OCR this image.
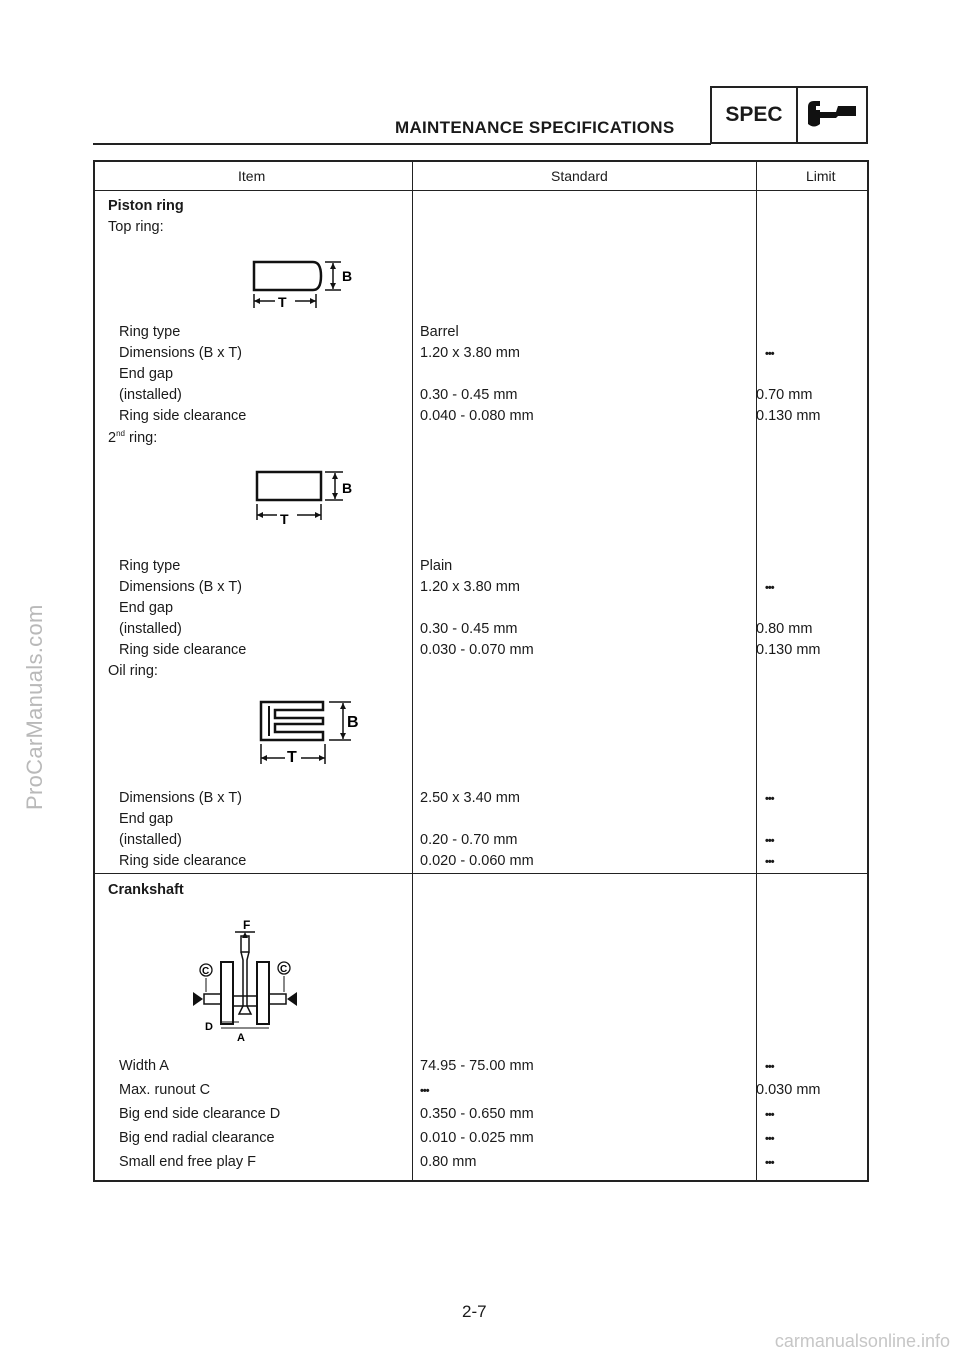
ProCarManuals.com
MAINTENANCE SPECIFICATIONS
SPEC
Item	Standard	Limit
Piston ring
Top ring:
T
B
Ring type	Barrel
Dimensions (B x T)	1.20 x 3.80 mm	•••
End gap
(installed)	0.30 - 0.45 mm	0.70 mm
Ring side clearance	0.040 - 0.080 mm	0.130 mm
2nd ring:
T
B
Ring type	Plain
Dimensions (B x T)	1.20 x 3.80 mm	•••
End gap
(installed)	0.30 - 0.45 mm	0.80 mm
Ring side clearance	0.030 - 0.070 mm	0.130 mm
Oil ring:
T
B
Dimensions (B x T)	2.50 x 3.40 mm	•••
End gap
(installed)	0.20 - 0.70 mm	•••
Ring side clearance	0.020 - 0.060 mm	•••
Crankshaft
F
C	C
D
A
Width A	74.95 - 75.00 mm	•••
Max. runout C	•••	0.030 mm
Big end side clearance D	0.350 - 0.650 mm	•••
Big end radial clearance	0.010 - 0.025 mm	•••
Small end free play F	0.80 mm	•••
2-7
carmanualsonline.info
